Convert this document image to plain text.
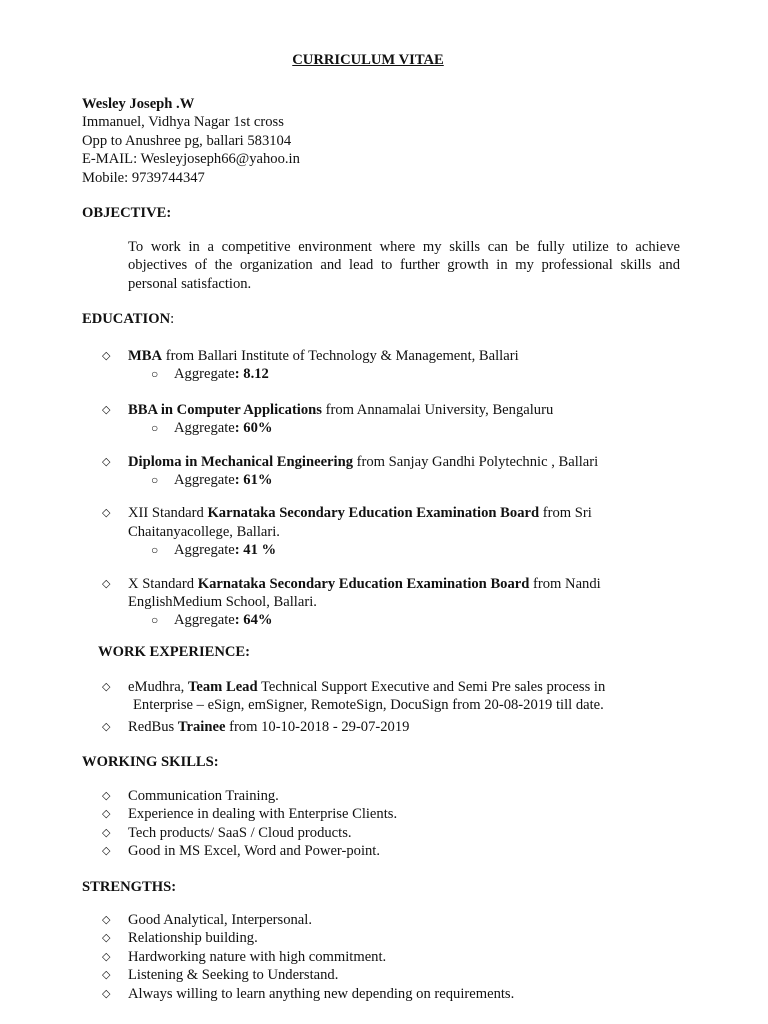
CURRICULUM VITAE
Wesley Joseph .W
Immanuel, Vidhya Nagar 1st cross
Opp to Anushree pg, ballari 583104
E-MAIL: Wesleyjoseph66@yahoo.in
Mobile: 9739744347
OBJECTIVE:
To work in a competitive environment where my skills can be fully utilize to achieve objectives of the organization and lead to further growth in my professional skills and personal satisfaction.
EDUCATION:
◇ MBA from Ballari Institute of Technology & Management, Ballari
○ Aggregate: 8.12
◇ BBA in Computer Applications from Annamalai University, Bengaluru
○ Aggregate: 60%
◇ Diploma in Mechanical Engineering from Sanjay Gandhi Polytechnic , Ballari
○ Aggregate: 61%
◇ XII Standard Karnataka Secondary Education Examination Board from Sri Chaitanyacollege, Ballari.
○ Aggregate: 41 %
◇ X Standard Karnataka Secondary Education Examination Board from Nandi EnglishMedium School, Ballari.
○ Aggregate: 64%
WORK EXPERIENCE:
◇ eMudhra, Team Lead Technical Support Executive and Semi Pre sales process in
Enterprise – eSign, emSigner, RemoteSign, DocuSign from 20-08-2019 till date.
◇ RedBus Trainee from 10-10-2018 - 29-07-2019
WORKING SKILLS:
◇ Communication Training.
◇ Experience in dealing with Enterprise Clients.
◇ Tech products/ SaaS / Cloud products.
◇ Good in MS Excel, Word and Power-point.
STRENGTHS:
◇ Good Analytical, Interpersonal.
◇ Relationship building.
◇ Hardworking nature with high commitment.
◇ Listening & Seeking to Understand.
◇ Always willing to learn anything new depending on requirements.
